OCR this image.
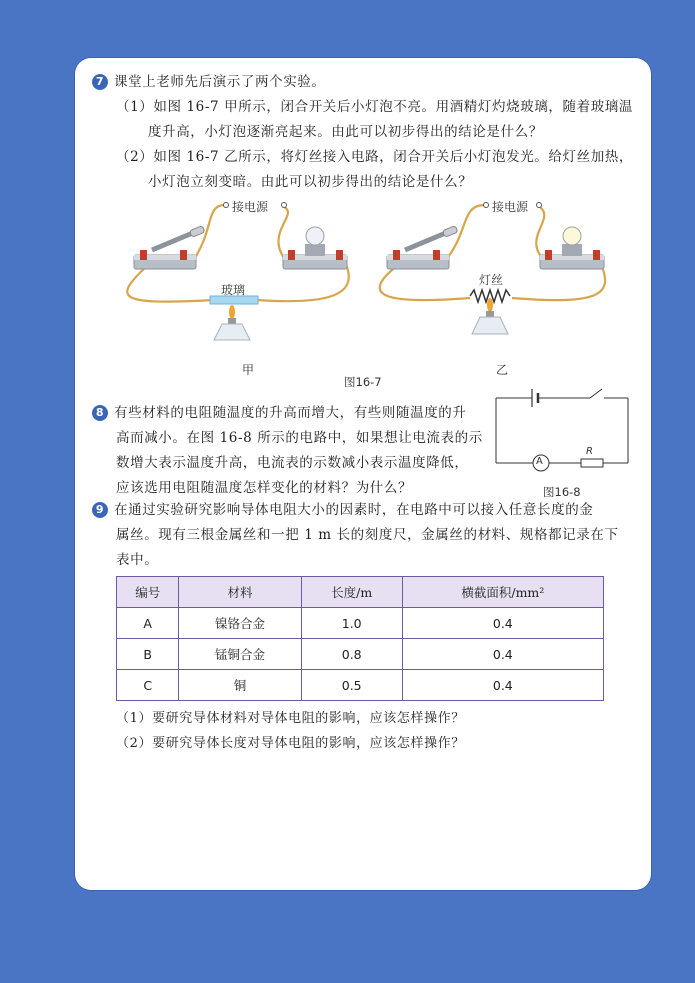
7 课堂上老师先后演示了两个实验。
（1）如图 16-7 甲所示，闭合开关后小灯泡不亮。用酒精灯灼烧玻璃，随着玻璃温
度升高，小灯泡逐渐亮起来。由此可以初步得出的结论是什么？
（2）如图 16-7 乙所示，将灯丝接入电路，闭合开关后小灯泡发光。给灯丝加热，
小灯泡立刻变暗。由此可以初步得出的结论是什么？
接电源	接电源
玻璃
灯丝
甲	乙
图16-7
A
R
图16-8
8 有些材料的电阻随温度的升高而增大，有些则随温度的升
高而减小。在图 16-8 所示的电路中，如果想让电流表的示
数增大表示温度升高，电流表的示数减小表示温度降低，
应该选用电阻随温度怎样变化的材料？为什么？
9 在通过实验研究影响导体电阻大小的因素时，在电路中可以接入任意长度的金
属丝。现有三根金属丝和一把 1 m 长的刻度尺，金属丝的材料、规格都记录在下
表中。
编号	材料	长度/m	横截面积/mm²
A	镍铬合金	1.0	0.4
B	锰铜合金	0.8	0.4
C	铜	0.5	0.4
（1）要研究导体材料对导体电阻的影响，应该怎样操作？
（2）要研究导体长度对导体电阻的影响，应该怎样操作？
